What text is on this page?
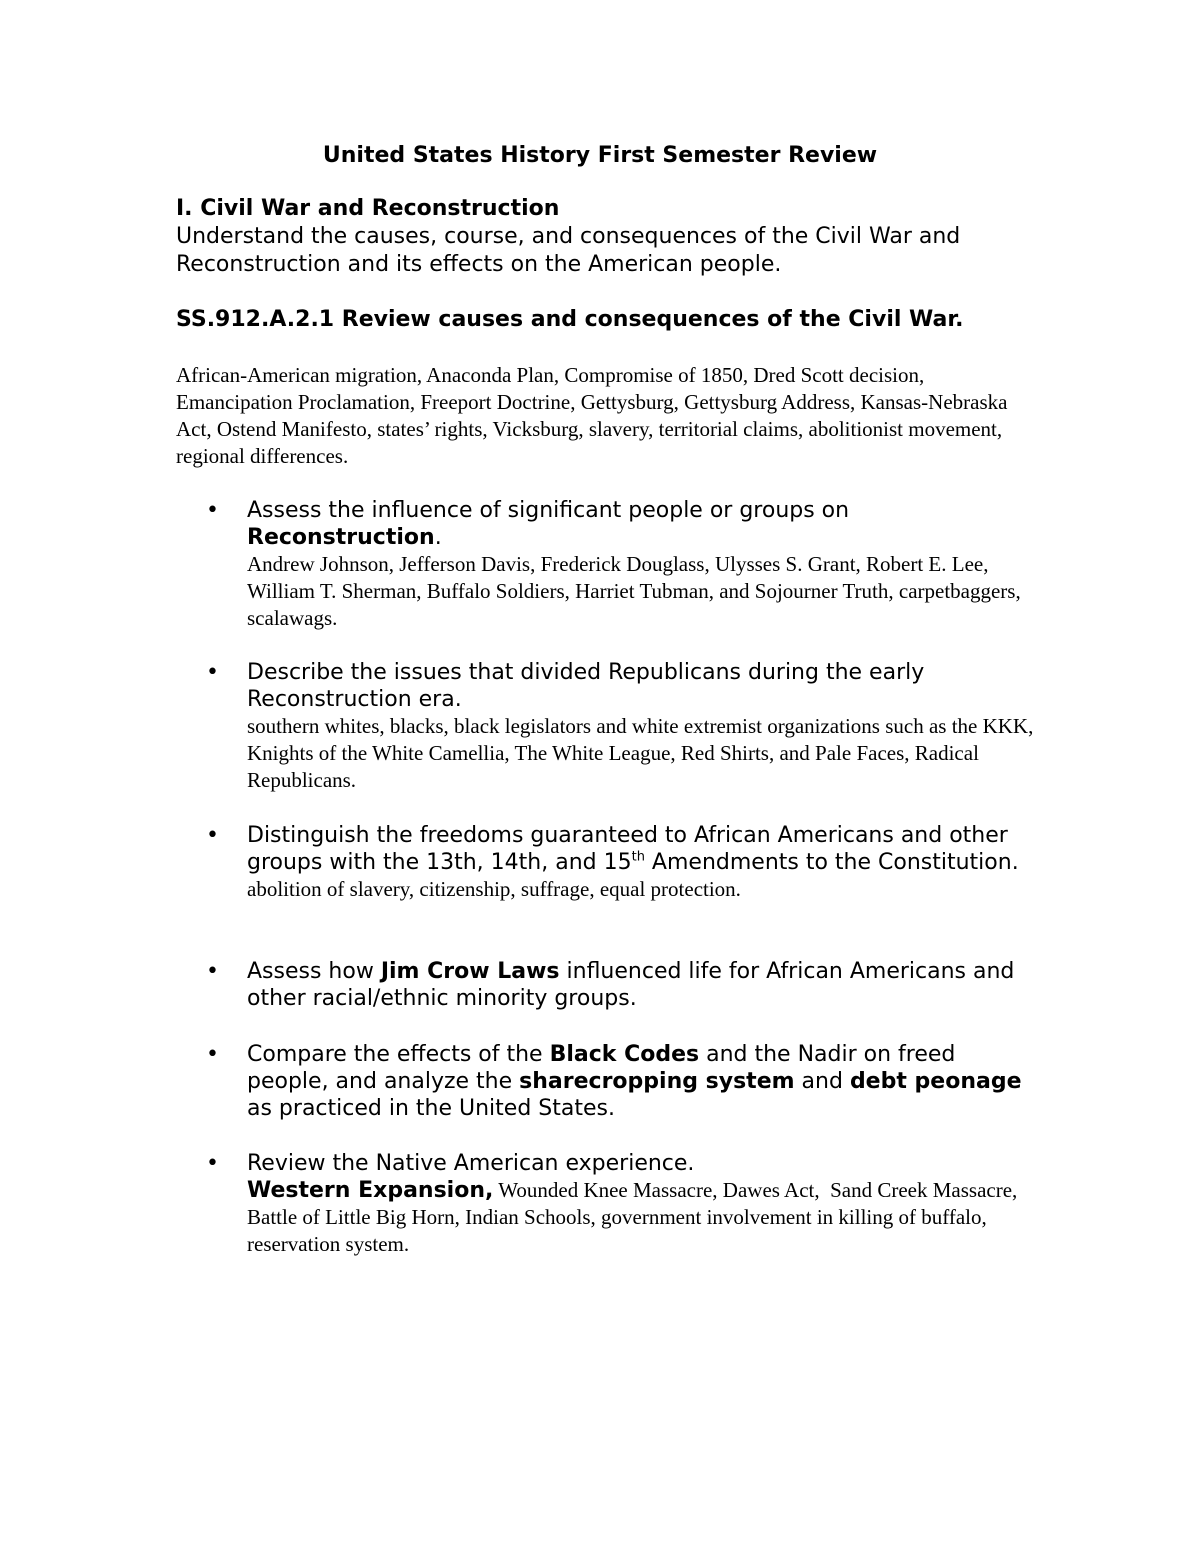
United States History First Semester Review
I. Civil War and Reconstruction
Understand the causes, course, and consequences of the Civil War and Reconstruction and its effects on the American people.
SS.912.A.2.1 Review causes and consequences of the Civil War.
African-American migration, Anaconda Plan, Compromise of 1850, Dred Scott decision, Emancipation Proclamation, Freeport Doctrine, Gettysburg, Gettysburg Address, Kansas-Nebraska Act, Ostend Manifesto, states’ rights, Vicksburg, slavery, territorial claims, abolitionist movement, regional differences.
• Assess the influence of significant people or groups on
Reconstruction.
Andrew Johnson, Jefferson Davis, Frederick Douglass, Ulysses S. Grant, Robert E. Lee, William T. Sherman, Buffalo Soldiers, Harriet Tubman, and Sojourner Truth, carpetbaggers, scalawags.
• Describe the issues that divided Republicans during the early Reconstruction era.
southern whites, blacks, black legislators and white extremist organizations such as the KKK, Knights of the White Camellia, The White League, Red Shirts, and Pale Faces, Radical Republicans.
• Distinguish the freedoms guaranteed to African Americans and other groups with the 13th, 14th, and 15th Amendments to the Constitution.
abolition of slavery, citizenship, suffrage, equal protection.
• Assess how Jim Crow Laws influenced life for African Americans and other racial/ethnic minority groups.
• Compare the effects of the Black Codes and the Nadir on freed people, and analyze the sharecropping system and debt peonage as practiced in the United States.
• Review the Native American experience.
Western Expansion, Wounded Knee Massacre, Dawes Act,  Sand Creek Massacre, Battle of Little Big Horn, Indian Schools, government involvement in killing of buffalo, reservation system.
